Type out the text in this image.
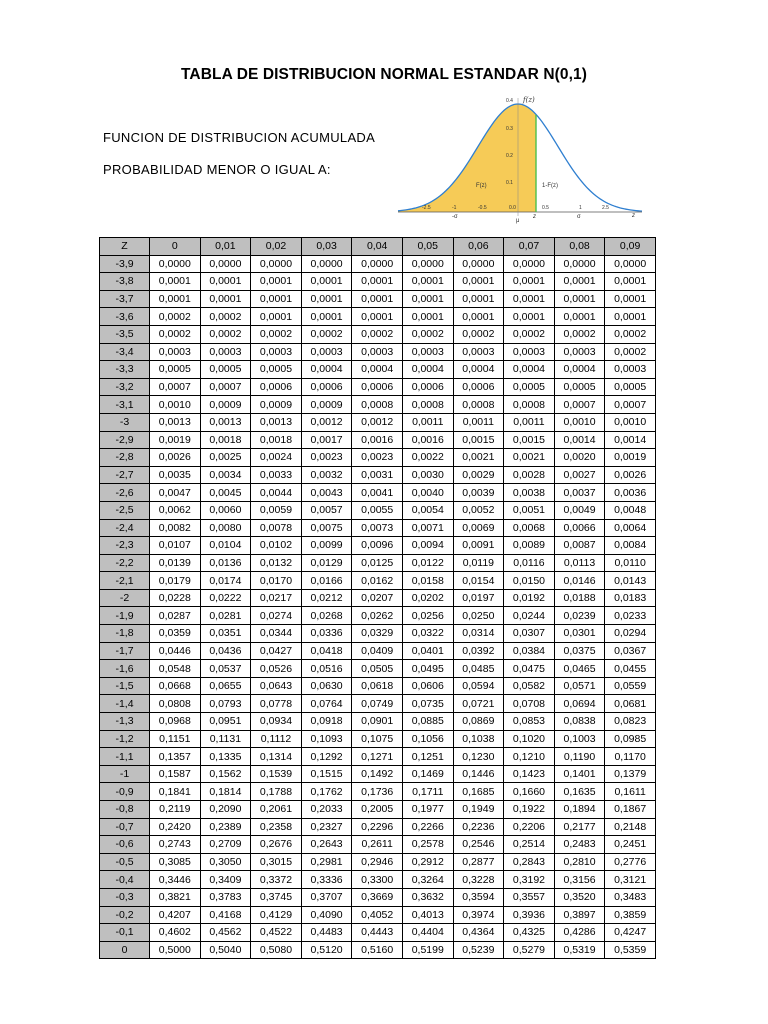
TABLA DE DISTRIBUCION NORMAL ESTANDAR N(0,1)
FUNCION DE DISTRIBUCION ACUMULADA
PROBABILIDAD MENOR O IGUAL A:
f(z)
0.4
0.3
0.2
0.1
F(z)	1-F(z)
-2.5	-1	-0.5	0.0	0.5	1	2.5
z
-σ	σ
μ
z
Z	0	0,01	0,02	0,03	0,04	0,05	0,06	0,07	0,08	0,09
-3,9	0,0000	0,0000	0,0000	0,0000	0,0000	0,0000	0,0000	0,0000	0,0000	0,0000
-3,8	0,0001	0,0001	0,0001	0,0001	0,0001	0,0001	0,0001	0,0001	0,0001	0,0001
-3,7	0,0001	0,0001	0,0001	0,0001	0,0001	0,0001	0,0001	0,0001	0,0001	0,0001
-3,6	0,0002	0,0002	0,0001	0,0001	0,0001	0,0001	0,0001	0,0001	0,0001	0,0001
-3,5	0,0002	0,0002	0,0002	0,0002	0,0002	0,0002	0,0002	0,0002	0,0002	0,0002
-3,4	0,0003	0,0003	0,0003	0,0003	0,0003	0,0003	0,0003	0,0003	0,0003	0,0002
-3,3	0,0005	0,0005	0,0005	0,0004	0,0004	0,0004	0,0004	0,0004	0,0004	0,0003
-3,2	0,0007	0,0007	0,0006	0,0006	0,0006	0,0006	0,0006	0,0005	0,0005	0,0005
-3,1	0,0010	0,0009	0,0009	0,0009	0,0008	0,0008	0,0008	0,0008	0,0007	0,0007
-3	0,0013	0,0013	0,0013	0,0012	0,0012	0,0011	0,0011	0,0011	0,0010	0,0010
-2,9	0,0019	0,0018	0,0018	0,0017	0,0016	0,0016	0,0015	0,0015	0,0014	0,0014
-2,8	0,0026	0,0025	0,0024	0,0023	0,0023	0,0022	0,0021	0,0021	0,0020	0,0019
-2,7	0,0035	0,0034	0,0033	0,0032	0,0031	0,0030	0,0029	0,0028	0,0027	0,0026
-2,6	0,0047	0,0045	0,0044	0,0043	0,0041	0,0040	0,0039	0,0038	0,0037	0,0036
-2,5	0,0062	0,0060	0,0059	0,0057	0,0055	0,0054	0,0052	0,0051	0,0049	0,0048
-2,4	0,0082	0,0080	0,0078	0,0075	0,0073	0,0071	0,0069	0,0068	0,0066	0,0064
-2,3	0,0107	0,0104	0,0102	0,0099	0,0096	0,0094	0,0091	0,0089	0,0087	0,0084
-2,2	0,0139	0,0136	0,0132	0,0129	0,0125	0,0122	0,0119	0,0116	0,0113	0,0110
-2,1	0,0179	0,0174	0,0170	0,0166	0,0162	0,0158	0,0154	0,0150	0,0146	0,0143
-2	0,0228	0,0222	0,0217	0,0212	0,0207	0,0202	0,0197	0,0192	0,0188	0,0183
-1,9	0,0287	0,0281	0,0274	0,0268	0,0262	0,0256	0,0250	0,0244	0,0239	0,0233
-1,8	0,0359	0,0351	0,0344	0,0336	0,0329	0,0322	0,0314	0,0307	0,0301	0,0294
-1,7	0,0446	0,0436	0,0427	0,0418	0,0409	0,0401	0,0392	0,0384	0,0375	0,0367
-1,6	0,0548	0,0537	0,0526	0,0516	0,0505	0,0495	0,0485	0,0475	0,0465	0,0455
-1,5	0,0668	0,0655	0,0643	0,0630	0,0618	0,0606	0,0594	0,0582	0,0571	0,0559
-1,4	0,0808	0,0793	0,0778	0,0764	0,0749	0,0735	0,0721	0,0708	0,0694	0,0681
-1,3	0,0968	0,0951	0,0934	0,0918	0,0901	0,0885	0,0869	0,0853	0,0838	0,0823
-1,2	0,1151	0,1131	0,1112	0,1093	0,1075	0,1056	0,1038	0,1020	0,1003	0,0985
-1,1	0,1357	0,1335	0,1314	0,1292	0,1271	0,1251	0,1230	0,1210	0,1190	0,1170
-1	0,1587	0,1562	0,1539	0,1515	0,1492	0,1469	0,1446	0,1423	0,1401	0,1379
-0,9	0,1841	0,1814	0,1788	0,1762	0,1736	0,1711	0,1685	0,1660	0,1635	0,1611
-0,8	0,2119	0,2090	0,2061	0,2033	0,2005	0,1977	0,1949	0,1922	0,1894	0,1867
-0,7	0,2420	0,2389	0,2358	0,2327	0,2296	0,2266	0,2236	0,2206	0,2177	0,2148
-0,6	0,2743	0,2709	0,2676	0,2643	0,2611	0,2578	0,2546	0,2514	0,2483	0,2451
-0,5	0,3085	0,3050	0,3015	0,2981	0,2946	0,2912	0,2877	0,2843	0,2810	0,2776
-0,4	0,3446	0,3409	0,3372	0,3336	0,3300	0,3264	0,3228	0,3192	0,3156	0,3121
-0,3	0,3821	0,3783	0,3745	0,3707	0,3669	0,3632	0,3594	0,3557	0,3520	0,3483
-0,2	0,4207	0,4168	0,4129	0,4090	0,4052	0,4013	0,3974	0,3936	0,3897	0,3859
-0,1	0,4602	0,4562	0,4522	0,4483	0,4443	0,4404	0,4364	0,4325	0,4286	0,4247
0	0,5000	0,5040	0,5080	0,5120	0,5160	0,5199	0,5239	0,5279	0,5319	0,5359
